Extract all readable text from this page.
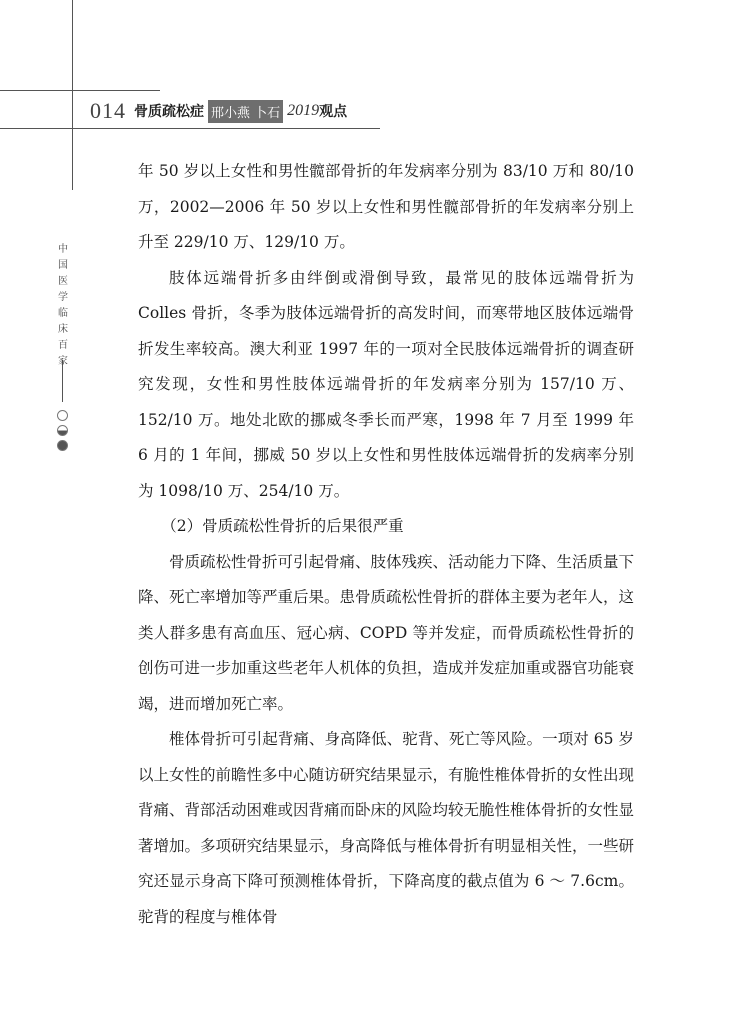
014 骨质疏松症 邢小燕 卜石 2019 观点
中国医学临床百家

年 50 岁以上女性和男性髋部骨折的年发病率分别为 83/10 万和 80/10 万，2002—2006 年 50 岁以上女性和男性髋部骨折的年发病率分别上升至 229/10 万、129/10 万。

肢体远端骨折多由绊倒或滑倒导致，最常见的肢体远端骨折为 Colles 骨折，冬季为肢体远端骨折的高发时间，而寒带地区肢体远端骨折发生率较高。澳大利亚 1997 年的一项对全民肢体远端骨折的调查研究发现，女性和男性肢体远端骨折的年发病率分别为 157/10 万、152/10 万。地处北欧的挪威冬季长而严寒，1998 年 7 月至 1999 年 6 月的 1 年间，挪威 50 岁以上女性和男性肢体远端骨折的发病率分别为 1098/10 万、254/10 万。

（2）骨质疏松性骨折的后果很严重

骨质疏松性骨折可引起骨痛、肢体残疾、活动能力下降、生活质量下降、死亡率增加等严重后果。患骨质疏松性骨折的群体主要为老年人，这类人群多患有高血压、冠心病、COPD 等并发症，而骨质疏松性骨折的创伤可进一步加重这些老年人机体的负担，造成并发症加重或器官功能衰竭，进而增加死亡率。

椎体骨折可引起背痛、身高降低、驼背、死亡等风险。一项对 65 岁以上女性的前瞻性多中心随访研究结果显示，有脆性椎体骨折的女性出现背痛、背部活动困难或因背痛而卧床的风险均较无脆性椎体骨折的女性显著增加。多项研究结果显示，身高降低与椎体骨折有明显相关性，一些研究还显示身高下降可预测椎体骨折，下降高度的截点值为 6 ～ 7.6cm。驼背的程度与椎体骨
